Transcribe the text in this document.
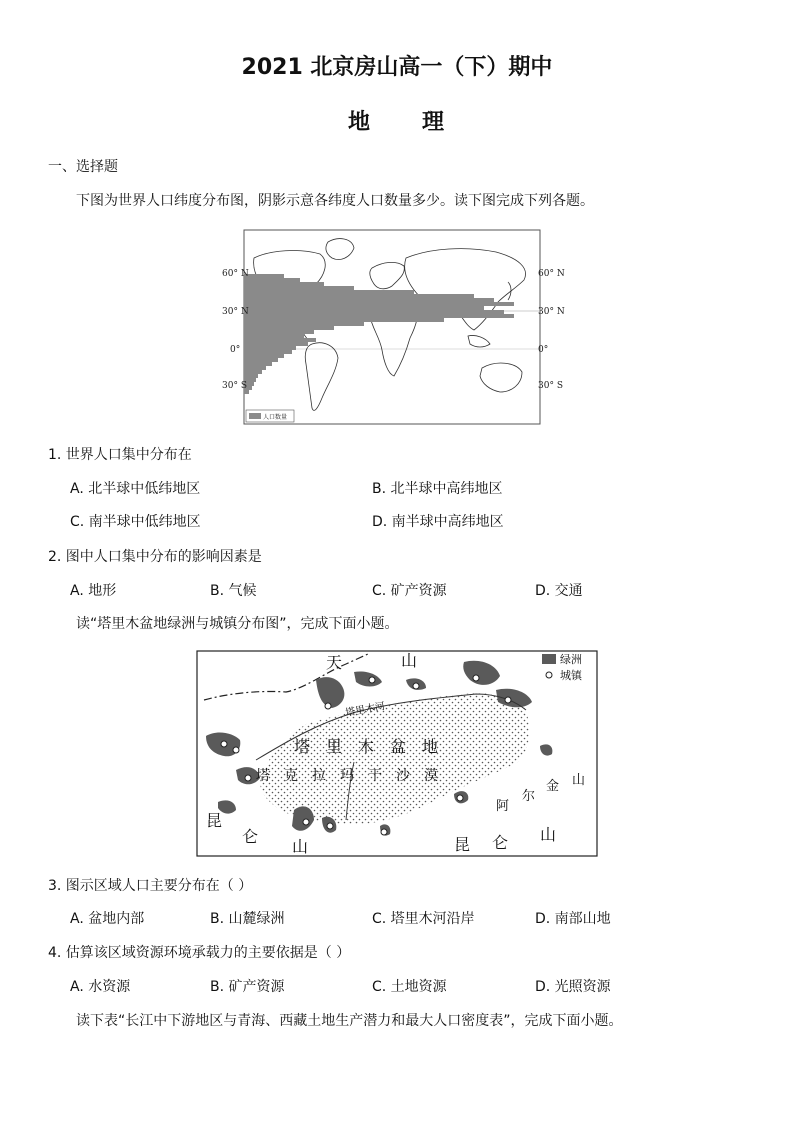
2021 北京房山高一（下）期中
地 理
一、选择题
下图为世界人口纬度分布图，阴影示意各纬度人口数量多少。读下图完成下列各题。
60° N
30° N
0°
30° S
60° N
30° N
0°
30° S
人口数量
1. 世界人口集中分布在
A. 北半球中低纬地区	B. 北半球中高纬地区
C. 南半球中低纬地区	D. 南半球中高纬地区
2. 图中人口集中分布的影响因素是
A. 地形	B. 气候	C. 矿产资源	D. 交通
读“塔里木盆地绿洲与城镇分布图”，完成下面小题。
天	山
塔　里　木　盆　地
塔　克　拉　玛　干　沙　漠
阿
尔
金 山
昆
仑
山	昆 仑 山
塔里木河
绿洲
城镇
3. 图示区域人口主要分布在（ ）
A. 盆地内部	B. 山麓绿洲	C. 塔里木河沿岸	D. 南部山地
4. 估算该区域资源环境承载力的主要依据是（ ）
A. 水资源	B. 矿产资源	C. 土地资源	D. 光照资源
读下表“长江中下游地区与青海、西藏土地生产潜力和最大人口密度表”，完成下面小题。
